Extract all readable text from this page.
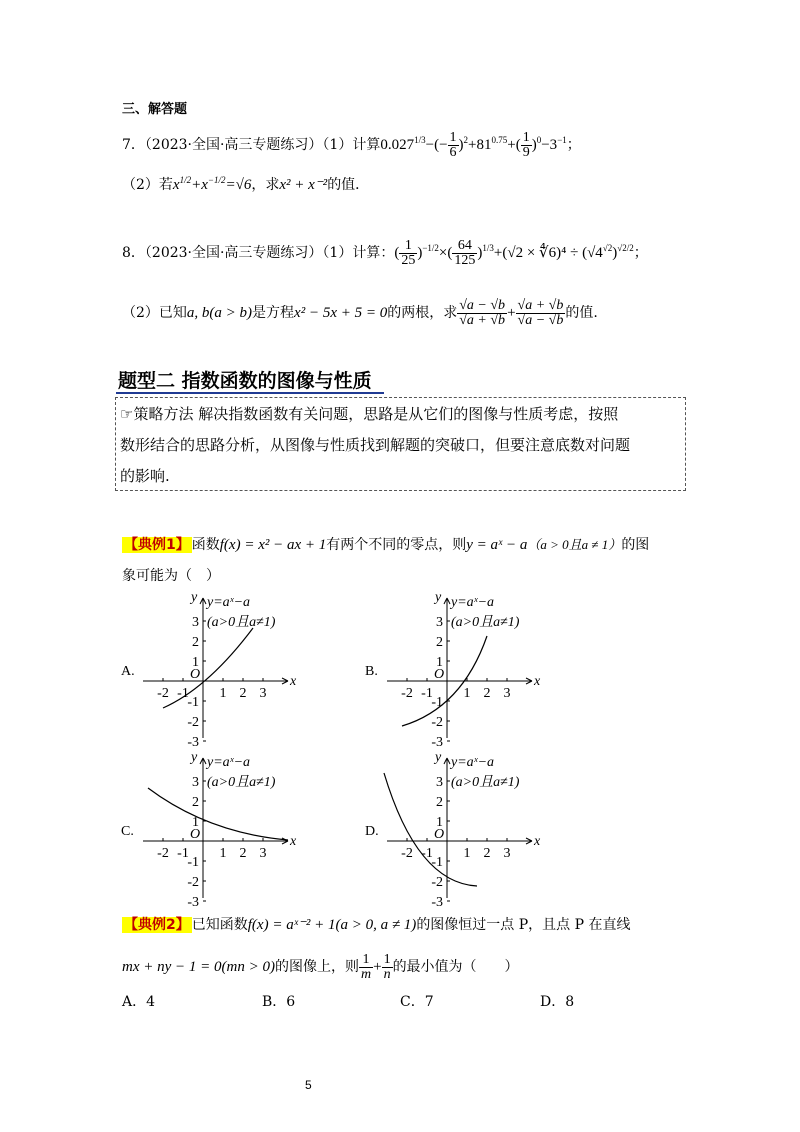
三、解答题
7．（2023·全国·高三专题练习）（1）计算$0.027^{1/3}-(- \frac{1}{6} )^2+81^{0.75}+( \frac{1}{9} )^0-3^{-1}$；
（2）若$x^{1/2}+x^{-1/2}=√6$，求x² + x⁻²的值．
8．（2023·全国·高三专题练习）（1）计算：( $\frac{1}{25} )^{-1/2}\times( \frac{64}{125} )^{1/3}+(√2$ × ∜6)⁴ ÷ $(√4^{√2})^{√2/2}$；
（2）已知a, b(a > b)是方程x² − 5x + 5 = 0的两根，求 $\frac{√a - √b}{√a + √b} + \frac{√a + √b}{√a - √b}$ 的值.
题型二 指数函数的图像与性质
☞策略方法 解决指数函数有关问题，思路是从它们的图像与性质考虑，按照
数形结合的思路分析，从图像与性质找到解题的突破口，但要注意底数对问题
的影响.
【典例1】 函数f(x) = x² − ax + 1有两个不同的零点，则y = aˣ − a（a > 0且a ≠ 1）的图
象可能为（　）
A.
x
y
O
-2 -1 1 2 3
3
2
1
-1
-2
-3
y=aˣ−a
(a>0且a≠1)
B.
x
y
O
-2 -1 1 2 3
3
2
1
-1
-2
-3
y=aˣ−a
(a>0且a≠1)
C.
x
y
O
-2 -1 1 2 3
3
2
1
-1
-2
-3
y=aˣ−a
(a>0且a≠1)
D.
x
y
O
-2 -1 1 2 3
3
2
1
-1
-2
-3
y=aˣ−a
(a>0且a≠1)
【典例2】 已知函数f(x) = aˣ⁻² + 1(a > 0, a ≠ 1)的图像恒过一点 P，且点 P 在直线
mx + ny − 1 = 0(mn > 0)的图像上，则 $\frac{1}{m} + \frac{1}{n}$ 的最小值为（　　）
A．4	B．6	C．7	D．8
5
